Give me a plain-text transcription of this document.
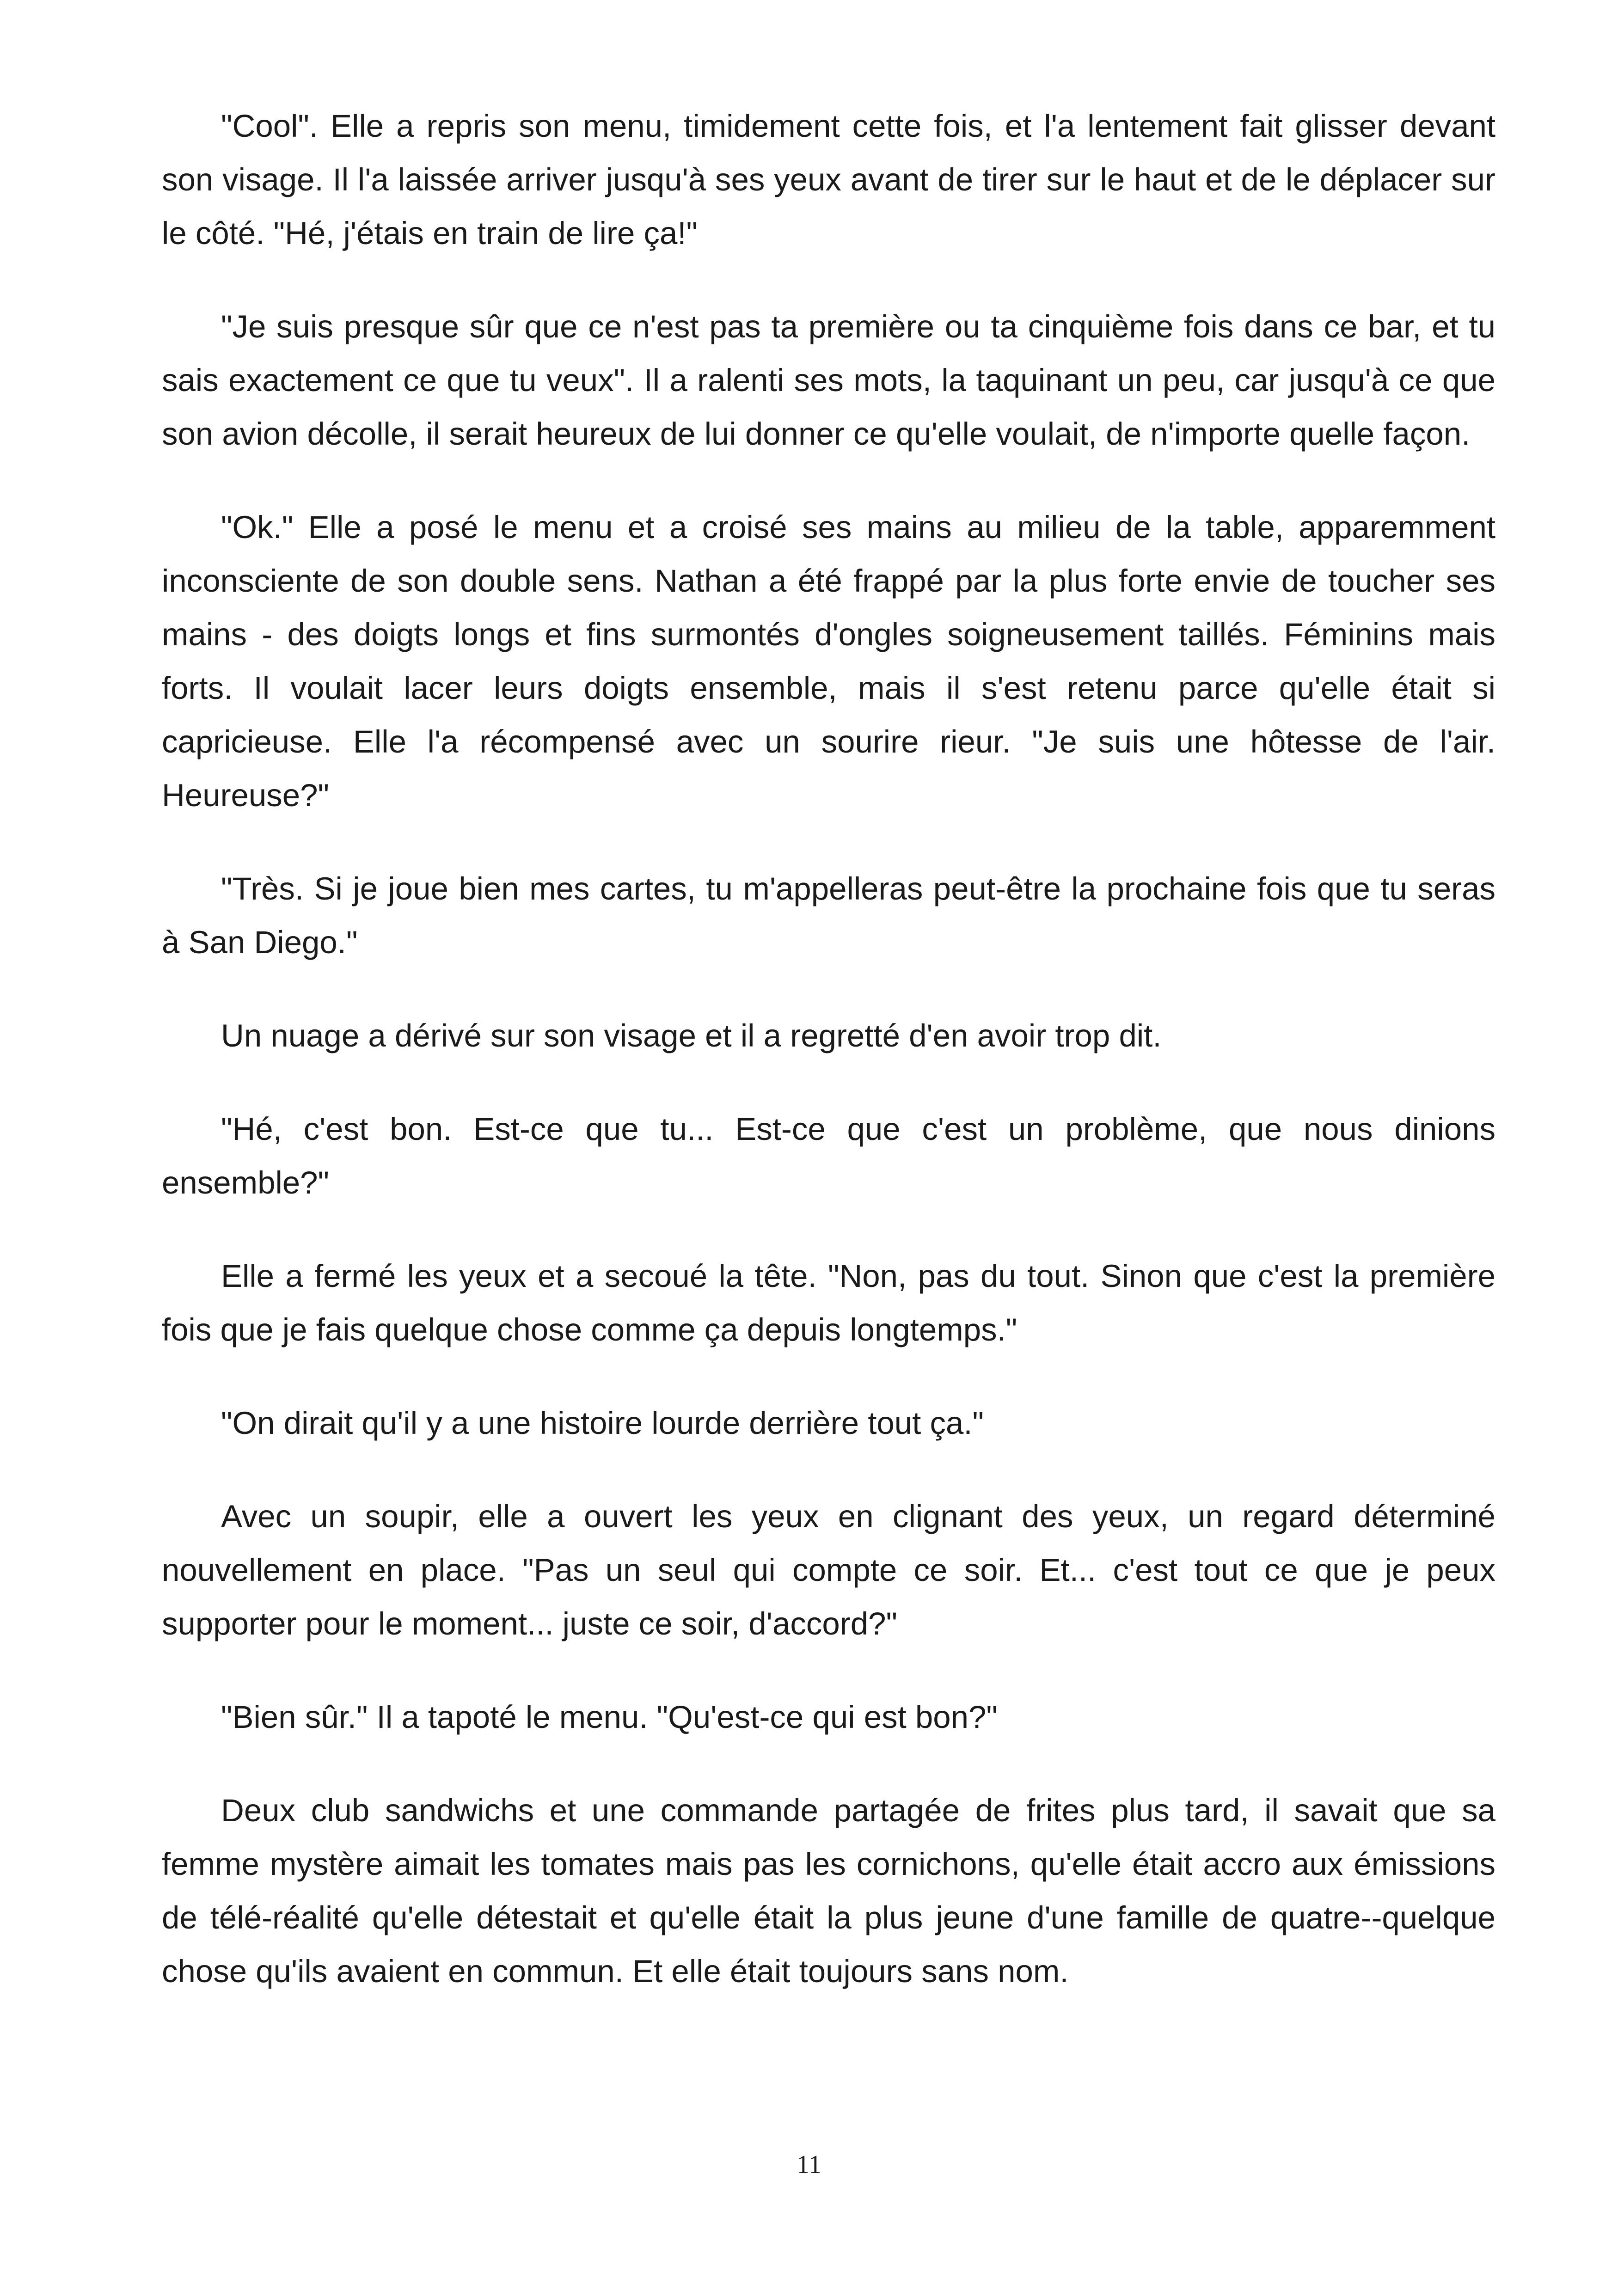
"Cool". Elle a repris son menu, timidement cette fois, et l'a lentement fait glisser devant son visage. Il l'a laissée arriver jusqu'à ses yeux avant de tirer sur le haut et de le déplacer sur le côté. "Hé, j'étais en train de lire ça!"

"Je suis presque sûr que ce n'est pas ta première ou ta cinquième fois dans ce bar, et tu sais exactement ce que tu veux". Il a ralenti ses mots, la taquinant un peu, car jusqu'à ce que son avion décolle, il serait heureux de lui donner ce qu'elle voulait, de n'importe quelle façon.

"Ok." Elle a posé le menu et a croisé ses mains au milieu de la table, apparemment inconsciente de son double sens. Nathan a été frappé par la plus forte envie de toucher ses mains - des doigts longs et fins surmontés d'ongles soigneusement taillés. Féminins mais forts. Il voulait lacer leurs doigts ensemble, mais il s'est retenu parce qu'elle était si capricieuse. Elle l'a récompensé avec un sourire rieur. "Je suis une hôtesse de l'air. Heureuse?"

"Très. Si je joue bien mes cartes, tu m'appelleras peut-être la prochaine fois que tu seras à San Diego."

Un nuage a dérivé sur son visage et il a regretté d'en avoir trop dit.

"Hé, c'est bon. Est-ce que tu... Est-ce que c'est un problème, que nous dinions ensemble?"

Elle a fermé les yeux et a secoué la tête. "Non, pas du tout. Sinon que c'est la première fois que je fais quelque chose comme ça depuis longtemps."

"On dirait qu'il y a une histoire lourde derrière tout ça."

Avec un soupir, elle a ouvert les yeux en clignant des yeux, un regard déterminé nouvellement en place. "Pas un seul qui compte ce soir. Et... c'est tout ce que je peux supporter pour le moment... juste ce soir, d'accord?"

"Bien sûr." Il a tapoté le menu. "Qu'est-ce qui est bon?"

Deux club sandwichs et une commande partagée de frites plus tard, il savait que sa femme mystère aimait les tomates mais pas les cornichons, qu'elle était accro aux émissions de télé-réalité qu'elle détestait et qu'elle était la plus jeune d'une famille de quatre--quelque chose qu'ils avaient en commun. Et elle était toujours sans nom.

11
